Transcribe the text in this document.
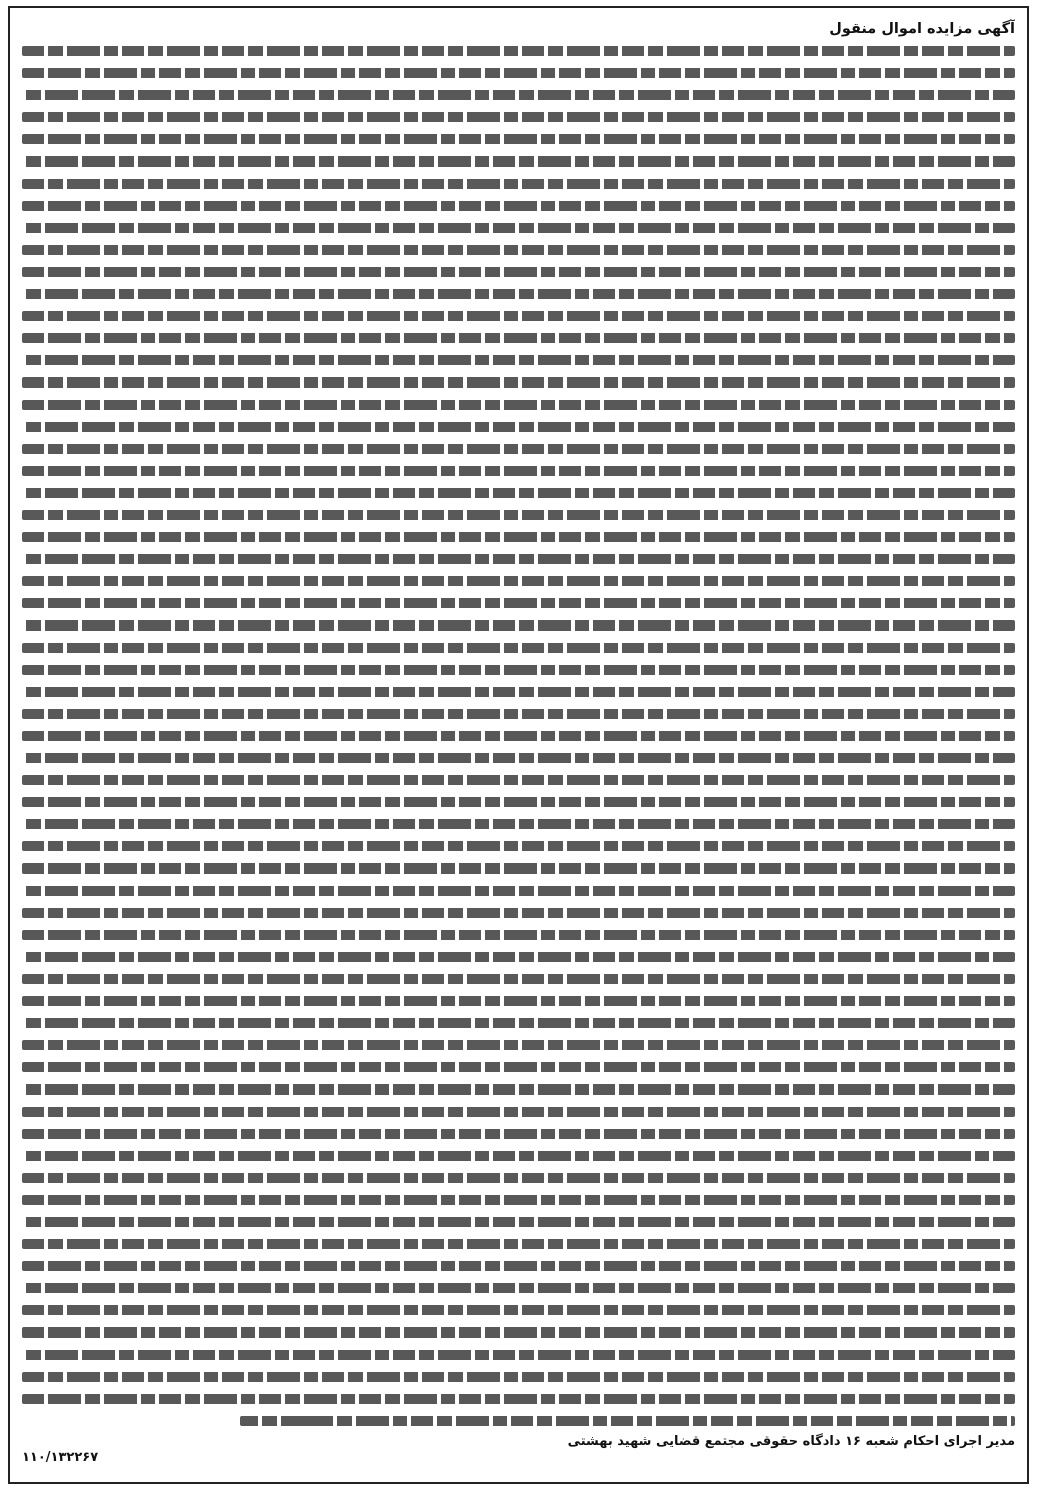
آگهی مزایده اموال منقول
مدیر اجرای احکام شعبه ۱۶ دادگاه حقوقی مجتمع قضایی شهید بهشتی
۱۱۰/۱۳۲۲۶۷
